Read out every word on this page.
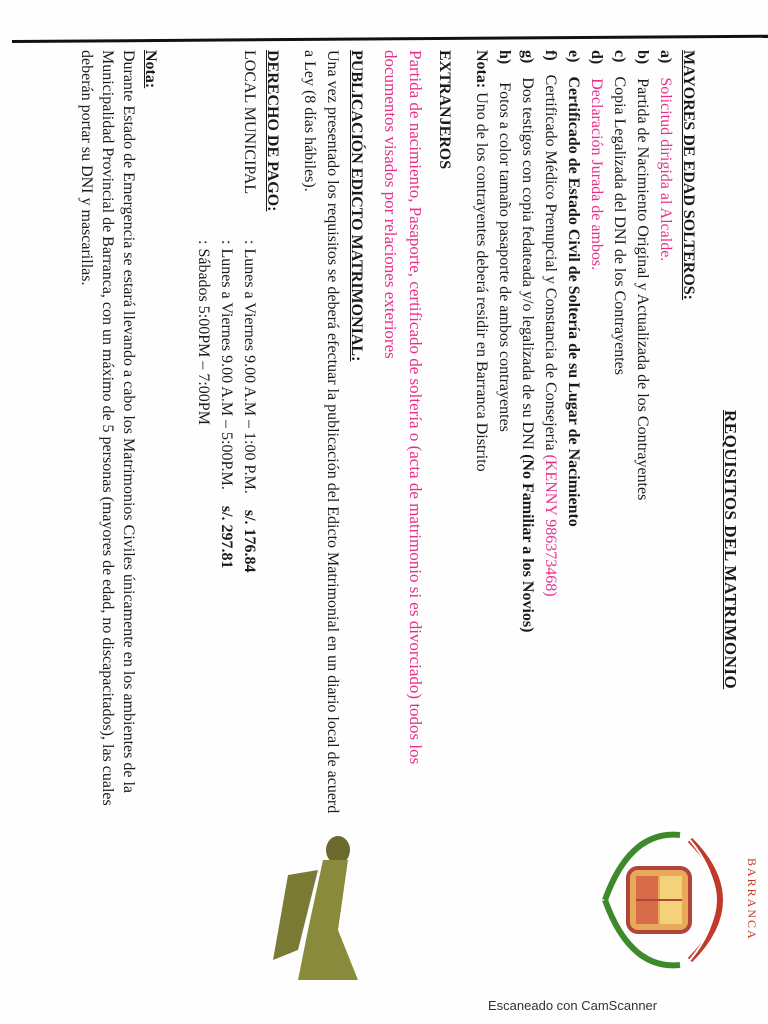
REQUISITOS DEL MATRIMONIO
MAYORES DE EDAD SOLTEROS:
a) Solicitud dirigida al Alcalde.
b) Partida de Nacimiento Original y Actualizada de los Contrayentes
c) Copia Legalizada del DNI de los Contrayentes
d) Declaración Jurada de ambos.
e) Certificado de Estado Civil de Soltería de su Lugar de Nacimiento
f) Certificado Médico Prenupcial y Constancia de Consejería (KENNY 986373468)
g) Dos testigos con copia fedateada y/o legalizada de su DNI (No Familiar a los Novios)
h) Fotos a color tamaño pasaporte de ambos contrayentes
Nota: Uno de los contrayentes deberá residir en Barranca Distrito
EXTRANJEROS
Partida de nacimiento, Pasaporte, certificado de soltería o (acta de matrimonio si es divorciado) todos los
documentos visados por relaciones exteriores
PUBLICACIÓN EDICTO MATRIMONIAL:
Una vez presentado los requisitos se deberá efectuar la publicación del Edicto Matrimonial en un diario local de acuerd
a Ley (8 días hábiles).
DERECHO DE PAGO:
LOCAL MUNICIPAL
: Lunes a Viernes 9.00 A.M – 1:00 P.M. s/. 176.84
: Lunes a Viernes 9.00 A.M – 5:00P.M. s/. 297.81
: Sábados 5:00PM – 7:00PM
Nota:
Durante Estado de Emergencia se estará llevando a cabo los Matrimonios Civiles únicamente en los ambientes de la
Municipalidad Provincial de Barranca, con un máximo de 5 personas (mayores de edad, no discapacitados), las cuales
deberán portar su DNI y mascarillas.
BARRANCA
Escaneado con CamScanner
